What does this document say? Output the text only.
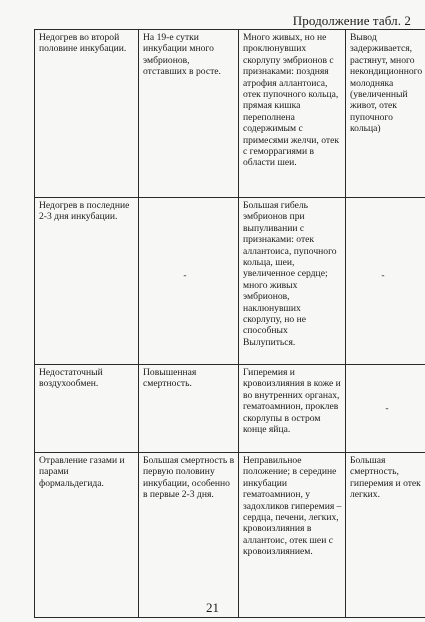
Продолжение табл. 2
Недогрев во второй половине инкубации.	На 19-е сутки инкубации много эмбрионов, отставших в росте.	Много живых, но не проклюнувших скорлупу эмбрионов с признаками: поздняя атрофия аллантоиса, отек пупочного кольца, прямая кишка переполнена содержимым с примесями желчи, отек с геморрагиями в области шеи.	Вывод задерживается, растянут, много некондиционного молодняка (увеличенный живот, отек пупочного кольца)
Недогрев в последние 2-3 дня инкубации.	-	Большая гибель эмбрионов при выпуливании с признаками: отек аллантоиса, пупочного кольца, шеи, увеличенное сердце; много живых эмбрионов, наклюнувших скорлупу, но не способных Вылупиться.	-

Недостаточный воздухообмен.	Повышенная смертность.	Гиперемия и кровоизлияния в коже и во внутренних органах, гематоамнион, проклев скорлупы в остром конце яйца.	-

Отравление газами и парами формальдегида.	Большая смертность в первую половину инкубации, особенно в первые 2-3 дня.	Неправильное положение; в середине инкубации гематоамнион, у задохликов гиперемия – сердца, печени, легких, кровоизлияния в аллантоис, отек шеи с кровоизлиянием.	Большая смертность, гиперемия и отек легких.
21
